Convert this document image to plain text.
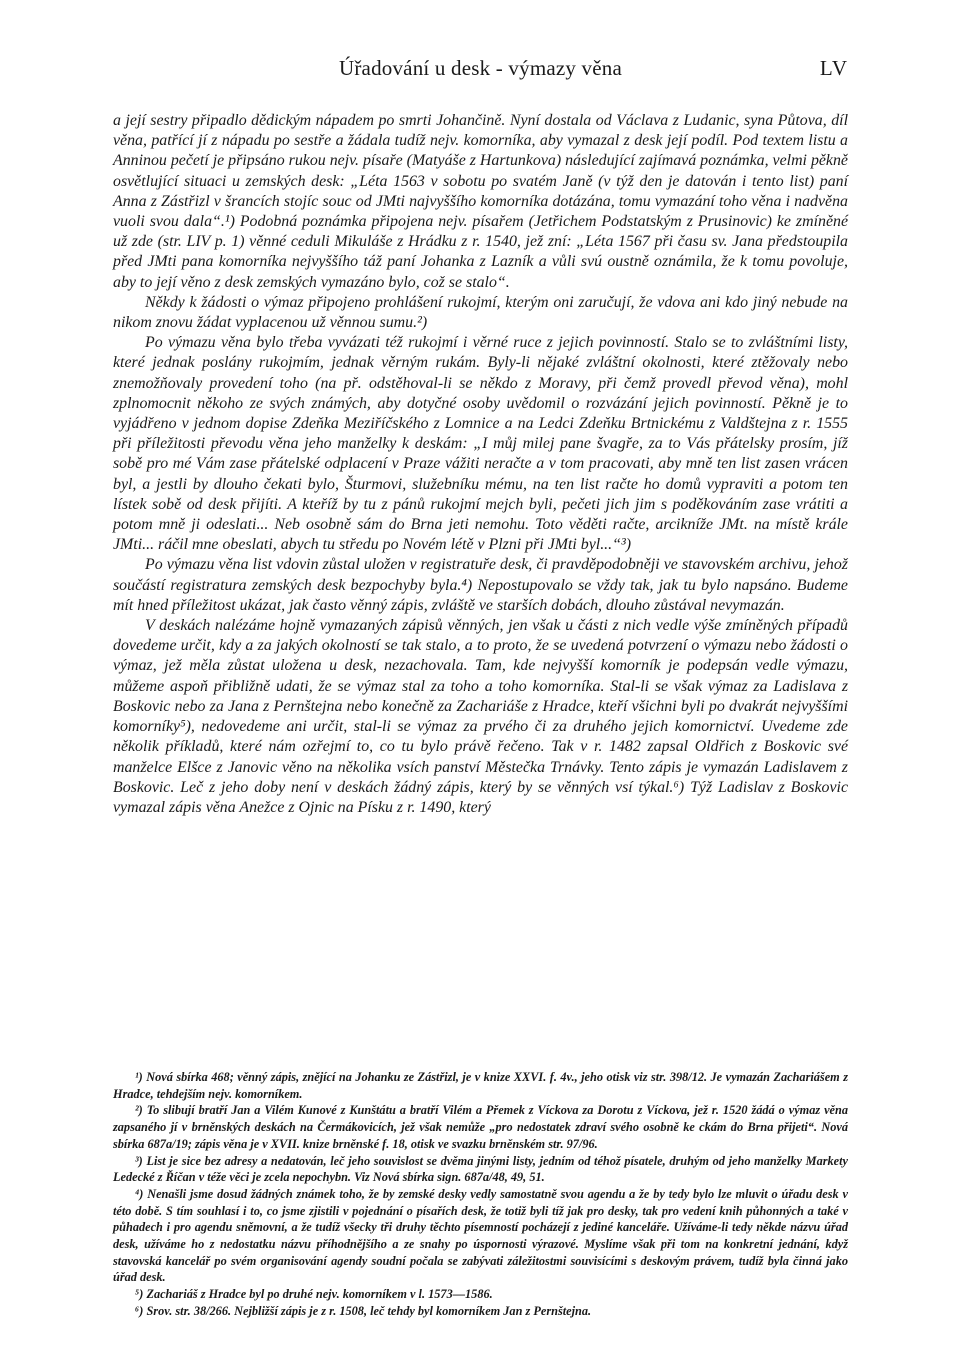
Úřadování u desk - výmazy věna	LV

a její sestry připadlo dědickým nápadem po smrti Johančině. Nyní dostala od Václava z Ludanic, syna Půtova, díl věna, patřící jí z nápadu po sestře a žádala tudíž nejv. komorníka, aby vymazal z desk její podíl. Pod textem listu a Anninou pečetí je připsáno rukou nejv. písaře (Matyáše z Hartunkova) následující zajímavá poznámka, velmi pěkně osvětlující situaci u zemských desk: „Léta 1563 v sobotu po svatém Janě (v týž den je datován i tento list) paní Anna z Zástřizl v šrancích stojíc souc od JMti najvyššího komorníka dotázána, tomu vymazání toho věna i nadvěna vuoli svou dala“.¹) Podobná poznámka připojena nejv. písařem (Jetřichem Podstatským z Prusinovic) ke zmíněné už zde (str. LIV p. 1) věnné ceduli Mikuláše z Hrádku z r. 1540, jež zní: „Léta 1567 při času sv. Jana předstoupila před JMti pana komorníka nejvyššího táž paní Johanka z Lazník a vůli svú oustně oznámila, že k tomu povoluje, aby to její věno z desk zemských vymazáno bylo, což se stalo“.

Někdy k žádosti o výmaz připojeno prohlášení rukojmí, kterým oni zaručují, že vdova ani kdo jiný nebude na nikom znovu žádat vyplacenou už věnnou sumu.²)

Po výmazu věna bylo třeba vyvázati též rukojmí i věrné ruce z jejich povinností. Stalo se to zvláštními listy, které jednak poslány rukojmím, jednak věrným rukám. Byly-li nějaké zvláštní okolnosti, které ztěžovaly nebo znemožňovaly provedení toho (na př. odstěhoval-li se někdo z Moravy, při čemž provedl převod věna), mohl zplnomocnit někoho ze svých známých, aby dotyčné osoby uvědomil o rozvázání jejich povinností. Pěkně je to vyjádřeno v jednom dopise Zdeňka Meziříčského z Lomnice a na Ledci Zdeňku Brtnickému z Valdštejna z r. 1555 při příležitosti převodu věna jeho manželky k deskám: „I můj milej pane švagře, za to Vás přátelsky prosím, jíž sobě pro mé Vám zase přátelské odplacení v Praze vážiti neračte a v tom pracovati, aby mně ten list zasen vrácen byl, a jestli by dlouho čekati bylo, Šturmovi, služebníku mému, na ten list račte ho domů vypraviti a potom ten lístek sobě od desk přijíti. A kteříž by tu z pánů rukojmí mejch byli, pečeti jich jim s poděkováním zase vrátiti a potom mně ji odeslati... Neb osobně sám do Brna jeti nemohu. Toto věděti račte, arcikníže JMt. na místě krále JMti... ráčil mne obeslati, abych tu středu po Novém létě v Plzni při JMti byl...“³)

Po výmazu věna list vdovin zůstal uložen v registratuře desk, či pravděpodobněji ve stavovském archivu, jehož součástí registratura zemských desk bezpochyby byla.⁴) Nepostupovalo se vždy tak, jak tu bylo napsáno. Budeme mít hned příležitost ukázat, jak často věnný zápis, zvláště ve starších dobách, dlouho zůstával nevymazán.

V deskách nalézáme hojně vymazaných zápisů věnných, jen však u části z nich vedle výše zmíněných případů dovedeme určit, kdy a za jakých okolností se tak stalo, a to proto, že se uvedená potvrzení o výmazu nebo žádosti o výmaz, jež měla zůstat uložena u desk, nezachovala. Tam, kde nejvyšší komorník je podepsán vedle výmazu, můžeme aspoň přibližně udati, že se výmaz stal za toho a toho komorníka. Stal-li se však výmaz za Ladislava z Boskovic nebo za Jana z Pernštejna nebo konečně za Zachariáše z Hradce, kteří všichni byli po dvakrát nejvyššími komorníky⁵), nedovedeme ani určit, stal-li se výmaz za prvého či za druhého jejich komornictví. Uvedeme zde několik příkladů, které nám ozřejmí to, co tu bylo právě řečeno. Tak v r. 1482 zapsal Oldřich z Boskovic své manželce Elšce z Janovic věno na několika vsích panství Městečka Trnávky. Tento zápis je vymazán Ladislavem z Boskovic. Leč z jeho doby není v deskách žádný zápis, který by se věnných vsí týkal.⁶) Týž Ladislav z Boskovic vymazal zápis věna Anežce z Ojnic na Písku z r. 1490, který

¹) Nová sbírka 468; věnný zápis, znějící na Johanku ze Zástřizl, je v knize XXVI. f. 4v., jeho otisk viz str. 398/12. Je vymazán Zachariášem z Hradce, tehdejším nejv. komorníkem.

²) To slibují bratří Jan a Vilém Kunové z Kunštátu a bratří Vilém a Přemek z Víckova za Dorotu z Víckova, jež r. 1520 žádá o výmaz věna zapsaného jí v brněnských deskách na Čermákovicích, jež však nemůže „pro nedostatek zdraví svého osobně ke ckám do Brna přijeti“. Nová sbírka 687a/19; zápis věna je v XVII. knize brněnské f. 18, otisk ve svazku brněnském str. 97/96.

³) List je sice bez adresy a nedatován, leč jeho souvislost se dvěma jinými listy, jedním od téhož písatele, druhým od jeho manželky Markety Ledecké z Říčan v téže věci je zcela nepochybn. Viz Nová sbírka sign. 687a/48, 49, 51.

⁴) Nenašli jsme dosud žádných známek toho, že by zemské desky vedly samostatně svou agendu a že by tedy bylo lze mluvit o úřadu desk v této době. S tím souhlasí i to, co jsme zjistili v pojednání o písařích desk, že totiž byli tíž jak pro desky, tak pro vedení knih půhonných a také v půhadech i pro agendu sněmovní, a že tudíž všecky tři druhy těchto písemností pocházejí z jediné kanceláře. Užíváme-li tedy někde názvu úřad desk, užíváme ho z nedostatku názvu příhodnějšího a ze snahy po úspornosti výrazové. Myslíme však při tom na konkretní jednání, když stavovská kancelář po svém organisování agendy soudní počala se zabývati záležitostmi souvisícími s deskovým právem, tudíž byla činná jako úřad desk.

⁵) Zachariáš z Hradce byl po druhé nejv. komorníkem v l. 1573—1586.

⁶) Srov. str. 38/266. Nejbližší zápis je z r. 1508, leč tehdy byl komorníkem Jan z Pernštejna.
